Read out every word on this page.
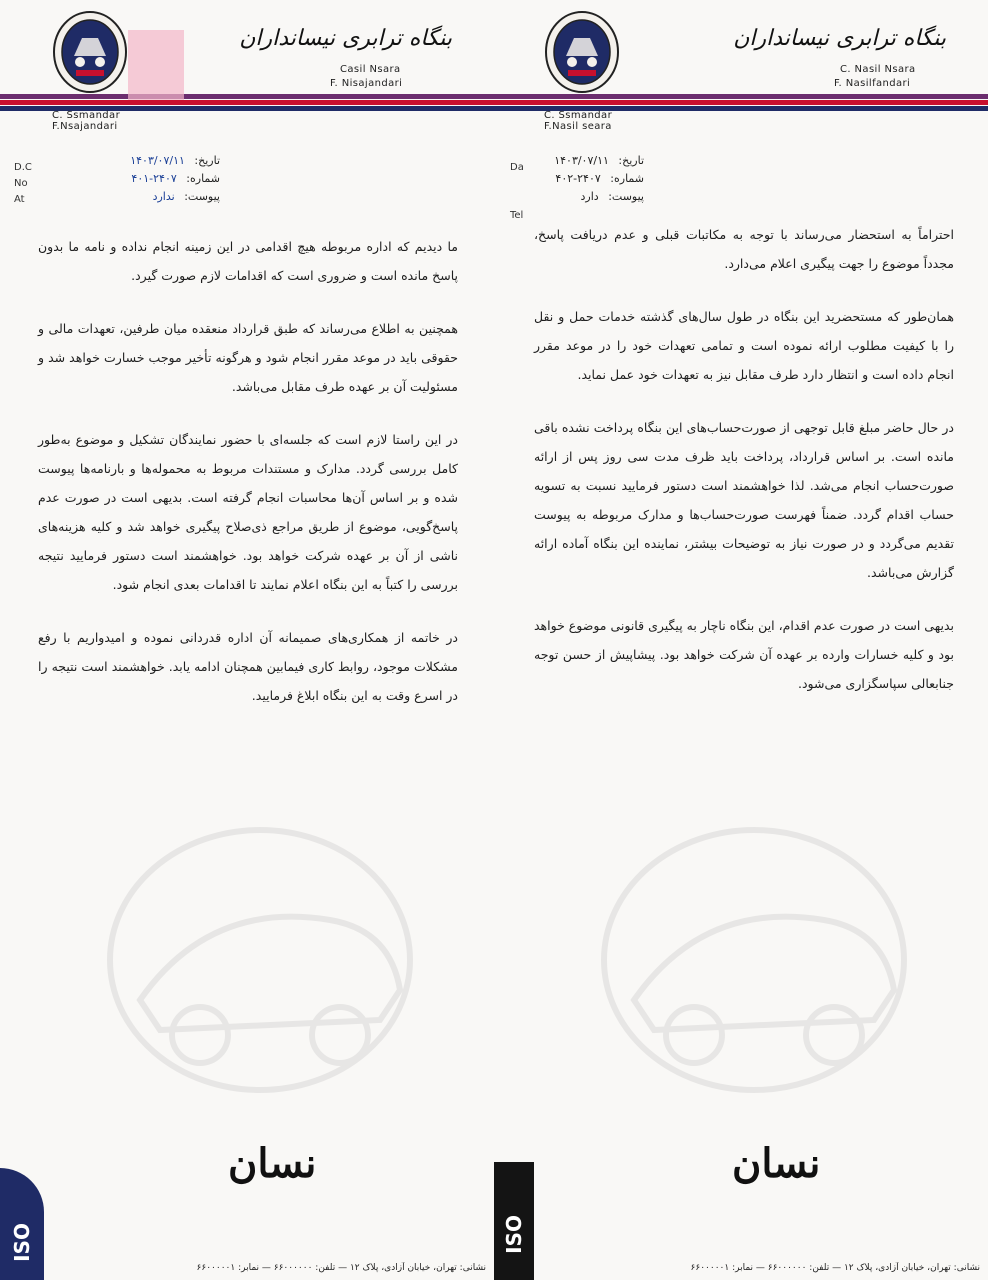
C. Ssmandar
F.Nsajandari
بنگاه ترابری نیسانداران
Casil Nsara
F. Nisajandari
D.C
No
At
تاریخ: ۱۴۰۳/۰۷/۱۱
شماره: ۲۴۰۷-۴۰۱
پیوست: ندارد

ما دیدیم که اداره مربوطه هیچ اقدامی در این زمینه انجام نداده و نامه ما بدون پاسخ مانده است و ضروری است که اقدامات لازم صورت گیرد.

همچنین به اطلاع می‌رساند که طبق قرارداد منعقده میان طرفین، تعهدات مالی و حقوقی باید در موعد مقرر انجام شود و هرگونه تأخیر موجب خسارت خواهد شد و مسئولیت آن بر عهده طرف مقابل می‌باشد.

در این راستا لازم است که جلسه‌ای با حضور نمایندگان تشکیل و موضوع به‌طور کامل بررسی گردد. مدارک و مستندات مربوط به محموله‌ها و بارنامه‌ها پیوست شده و بر اساس آن‌ها محاسبات انجام گرفته است. بدیهی است در صورت عدم پاسخ‌گویی، موضوع از طریق مراجع ذی‌صلاح پیگیری خواهد شد و کلیه هزینه‌های ناشی از آن بر عهده شرکت خواهد بود. خواهشمند است دستور فرمایید نتیجه بررسی را کتباً به این بنگاه اعلام نمایند تا اقدامات بعدی انجام شود.

در خاتمه از همکاری‌های صمیمانه آن اداره قدردانی نموده و امیدواریم با رفع مشکلات موجود، روابط کاری فیمابین همچنان ادامه یابد. خواهشمند است نتیجه را در اسرع وقت به این بنگاه ابلاغ فرمایید.

نسان
ISO
نشانی: تهران، خیابان آزادی، پلاک ۱۲ — تلفن: ۶۶۰۰۰۰۰۰ — نمابر: ۶۶۰۰۰۰۰۱
C. Ssmandar
F.Nasil seara
بنگاه ترابری نیسانداران
C. Nasil Nsara
F. Nasilfandari
Da
Tel
تاریخ: ۱۴۰۳/۰۷/۱۱
شماره: ۲۴۰۷-۴۰۲
پیوست: دارد

احتراماً به استحضار می‌رساند با توجه به مکاتبات قبلی و عدم دریافت پاسخ، مجدداً موضوع را جهت پیگیری اعلام می‌دارد.

همان‌طور که مستحضرید این بنگاه در طول سال‌های گذشته خدمات حمل و نقل را با کیفیت مطلوب ارائه نموده است و تمامی تعهدات خود را در موعد مقرر انجام داده است و انتظار دارد طرف مقابل نیز به تعهدات خود عمل نماید.

در حال حاضر مبلغ قابل توجهی از صورت‌حساب‌های این بنگاه پرداخت نشده باقی مانده است. بر اساس قرارداد، پرداخت باید ظرف مدت سی روز پس از ارائه صورت‌حساب انجام می‌شد. لذا خواهشمند است دستور فرمایید نسبت به تسویه حساب اقدام گردد. ضمناً فهرست صورت‌حساب‌ها و مدارک مربوطه به پیوست تقدیم می‌گردد و در صورت نیاز به توضیحات بیشتر، نماینده این بنگاه آماده ارائه گزارش می‌باشد.

بدیهی است در صورت عدم اقدام، این بنگاه ناچار به پیگیری قانونی موضوع خواهد بود و کلیه خسارات وارده بر عهده آن شرکت خواهد بود. پیشاپیش از حسن توجه جنابعالی سپاسگزاری می‌شود.

نسان
ISO
نشانی: تهران، خیابان آزادی، پلاک ۱۲ — تلفن: ۶۶۰۰۰۰۰۰ — نمابر: ۶۶۰۰۰۰۰۱
